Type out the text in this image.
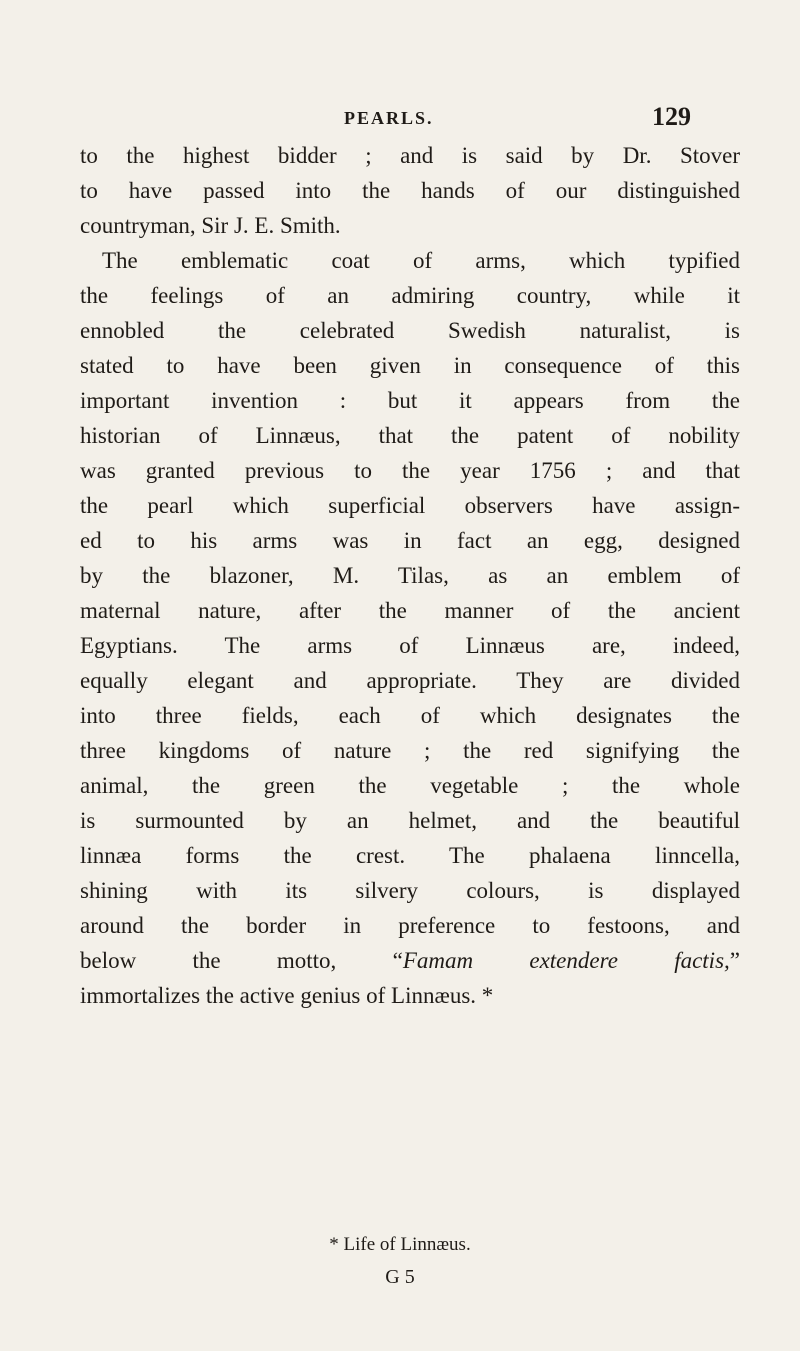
PEARLS.	129
to the highest bidder ; and is said by Dr. Stover
to have passed into the hands of our distinguished
countryman, Sir J. E. Smith.
The emblematic coat of arms, which typified
the feelings of an admiring country, while it
ennobled the celebrated Swedish naturalist, is
stated to have been given in consequence of this
important invention : but it appears from the
historian of Linnæus, that the patent of nobility
was granted previous to the year 1756 ; and that
the pearl which superficial observers have assign-
ed to his arms was in fact an egg, designed
by the blazoner, M. Tilas, as an emblem of
maternal nature, after the manner of the ancient
Egyptians. The arms of Linnæus are, indeed,
equally elegant and appropriate. They are divided
into three fields, each of which designates the
three kingdoms of nature ; the red signifying the
animal, the green the vegetable ; the whole
is surmounted by an helmet, and the beautiful
linnæa forms the crest. The phalaena linncella,
shining with its silvery colours, is displayed
around the border in preference to festoons, and
below the motto, “Famam extendere factis,”
immortalizes the active genius of Linnæus. *
* Life of Linnæus.
G 5
